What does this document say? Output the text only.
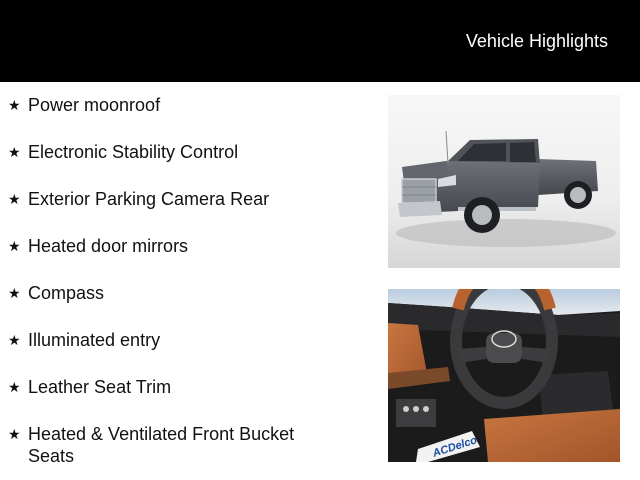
Vehicle Highlights
★ Power moonroof
★ Electronic Stability Control
★ Exterior Parking Camera Rear
★ Heated door mirrors
★ Compass
★ Illuminated entry
★ Leather Seat Trim
★ Heated & Ventilated Front Bucket Seats	ACDelco
